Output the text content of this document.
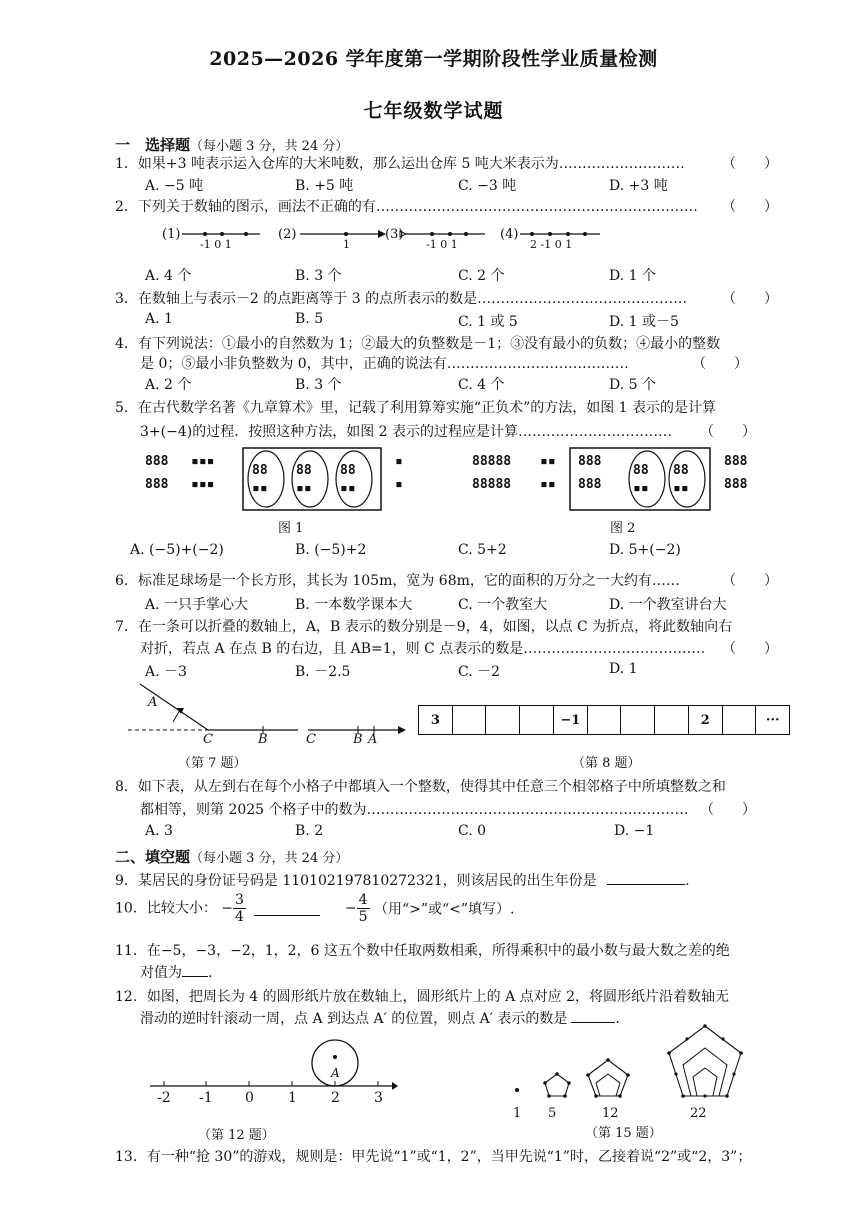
2025—2026 学年度第一学期阶段性学业质量检测
七年级数学试题
一　选择题（每小题 3 分，共 24 分）
1．如果+3 吨表示运入仓库的大米吨数，那么运出仓库 5 吨大米表示为………………………	（　　）
A. −5 吨	B. +5 吨	C. −3 吨	D. +3 吨
2．下列关于数轴的图示，画法不正确的有…………………………………………………………… （　　）
(1)
-1 0 1
(2)
1
(3)
-1 0 1
(4)
2 -1 0 1
A. 4 个	B. 3 个	C. 2 个	D. 1 个
3．在数轴上与表示－2 的点距离等于 3 的点所表示的数是……………………………………… （　　）
A. 1	B. 5	C. 1 或 5	D. 1 或－5
4．有下列说法：①最小的自然数为 1；②最大的负整数是－1；③没有最小的负数；④最小的整数
是 0；⑤最小非负整数为 0，其中，正确的说法有…………………………………	（　　）
A. 2 个	B. 3 个	C. 4 个	D. 5 个
5．在古代数学名著《九章算术》里，记载了利用算筹实施“正负术”的方法，如图 1 表示的是计算
3+(−4)的过程．按照这种方法，如图 2 表示的过程应是计算…………………………… （　　）
888
888
▪▪▪
▪▪▪
88
▪▪
88
▪▪
88
▪▪
▪
▪
图 1
88888
88888
▪▪
▪▪
888
888
88
▪▪
88
▪▪
888
888
图 2
A. (−5)+(−2)	B. (−5)+2	C. 5+2	D. 5+(−2)
6．标准足球场是一个长方形，其长为 105m，宽为 68m，它的面积的万分之一大约有……	（　　）
A. 一只手掌心大	B. 一本数学课本大	C. 一个教室大	D. 一个教室讲台大
7．在一条可以折叠的数轴上，A，B 表示的数分别是－9，4，如图，以点 C 为折点，将此数轴向右
对折，若点 A 在点 B 的右边，且 AB=1，则 C 点表示的数是………………………………… （　　）
A. －3	B. －2.5	C. －2	D. 1
A
C	B	C	B A
（第 7 题）
3	−1	2	···
（第 8 题）
8．如下表，从左到右在每个小格子中都填入一个整数，使得其中任意三个相邻格子中所填整数之和
都相等，则第 2025 个格子中的数为…………………………………………………………… （　　）
A. 3	B. 2	C. 0	D. −1
二、填空题（每小题 3 分，共 24 分）
9．某居民的身份证号码是 110102197810272321，则该居民的出生年份是	.
10．比较大小： − $\frac{3}{4}$	− $\frac{4}{5}$ （用“>”或“<”填写）.
11．在−5，−3，−2，1，2，6 这五个数中任取两数相乘，所得乘积中的最小数与最大数之差的绝
对值为 .
12．如图，把周长为 4 的圆形纸片放在数轴上，圆形纸片上的 A 点对应 2，将圆形纸片沿着数轴无
滑动的逆时针滚动一周，点 A 到达点 A′ 的位置，则点 A′ 表示的数是	.
A
-2 -1 0 1 2 3
（第 12 题）
1 5	12	22
（第 15 题）
13．有一种“抢 30”的游戏，规则是：甲先说“1”或“1，2”，当甲先说“1”时，乙接着说“2”或“2，3”；
